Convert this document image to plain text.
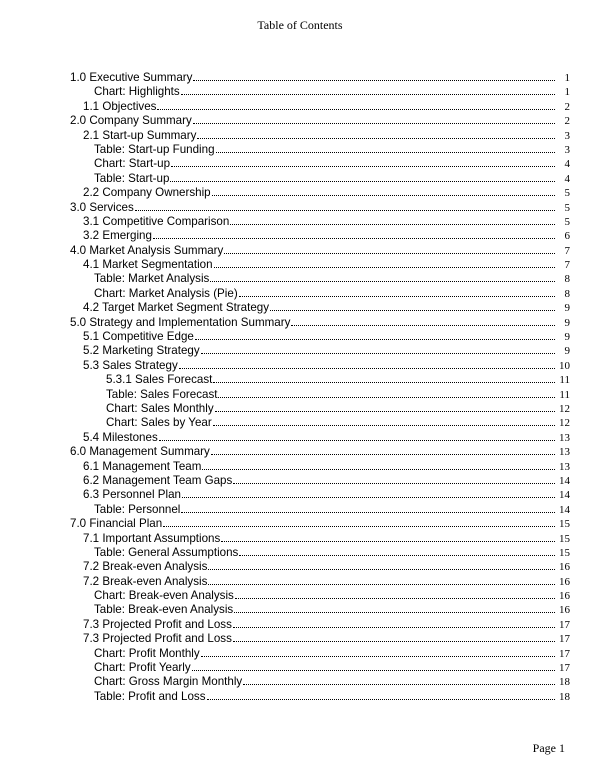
Table of Contents
1.0 Executive Summary	1
Chart: Highlights	1
1.1 Objectives	2
2.0 Company Summary	2
2.1 Start-up Summary	3
Table: Start-up Funding	3
Chart: Start-up	4
Table: Start-up	4
2.2 Company Ownership	5
3.0 Services	5
3.1 Competitive Comparison	5
3.2 Emerging	6
4.0 Market Analysis Summary	7
4.1 Market Segmentation	7
Table: Market Analysis	8
Chart: Market Analysis (Pie)	8
4.2 Target Market Segment Strategy	9
5.0 Strategy and Implementation Summary	9
5.1 Competitive Edge	9
5.2 Marketing Strategy	9
5.3 Sales Strategy	10
5.3.1 Sales Forecast	11
Table: Sales Forecast	11
Chart: Sales Monthly	12
Chart: Sales by Year	12
5.4 Milestones	13
6.0 Management Summary	13
6.1 Management Team	13
6.2 Management Team Gaps	14
6.3 Personnel Plan	14
Table: Personnel	14
7.0 Financial Plan	15
7.1 Important Assumptions	15
Table: General Assumptions	15
7.2 Break-even Analysis	16
7.2 Break-even Analysis	16
Chart: Break-even Analysis	16
Table: Break-even Analysis	16
7.3 Projected Profit and Loss	17
7.3 Projected Profit and Loss	17
Chart: Profit Monthly	17
Chart: Profit Yearly	17
Chart: Gross Margin Monthly	18
Table: Profit and Loss	18
Page 1
